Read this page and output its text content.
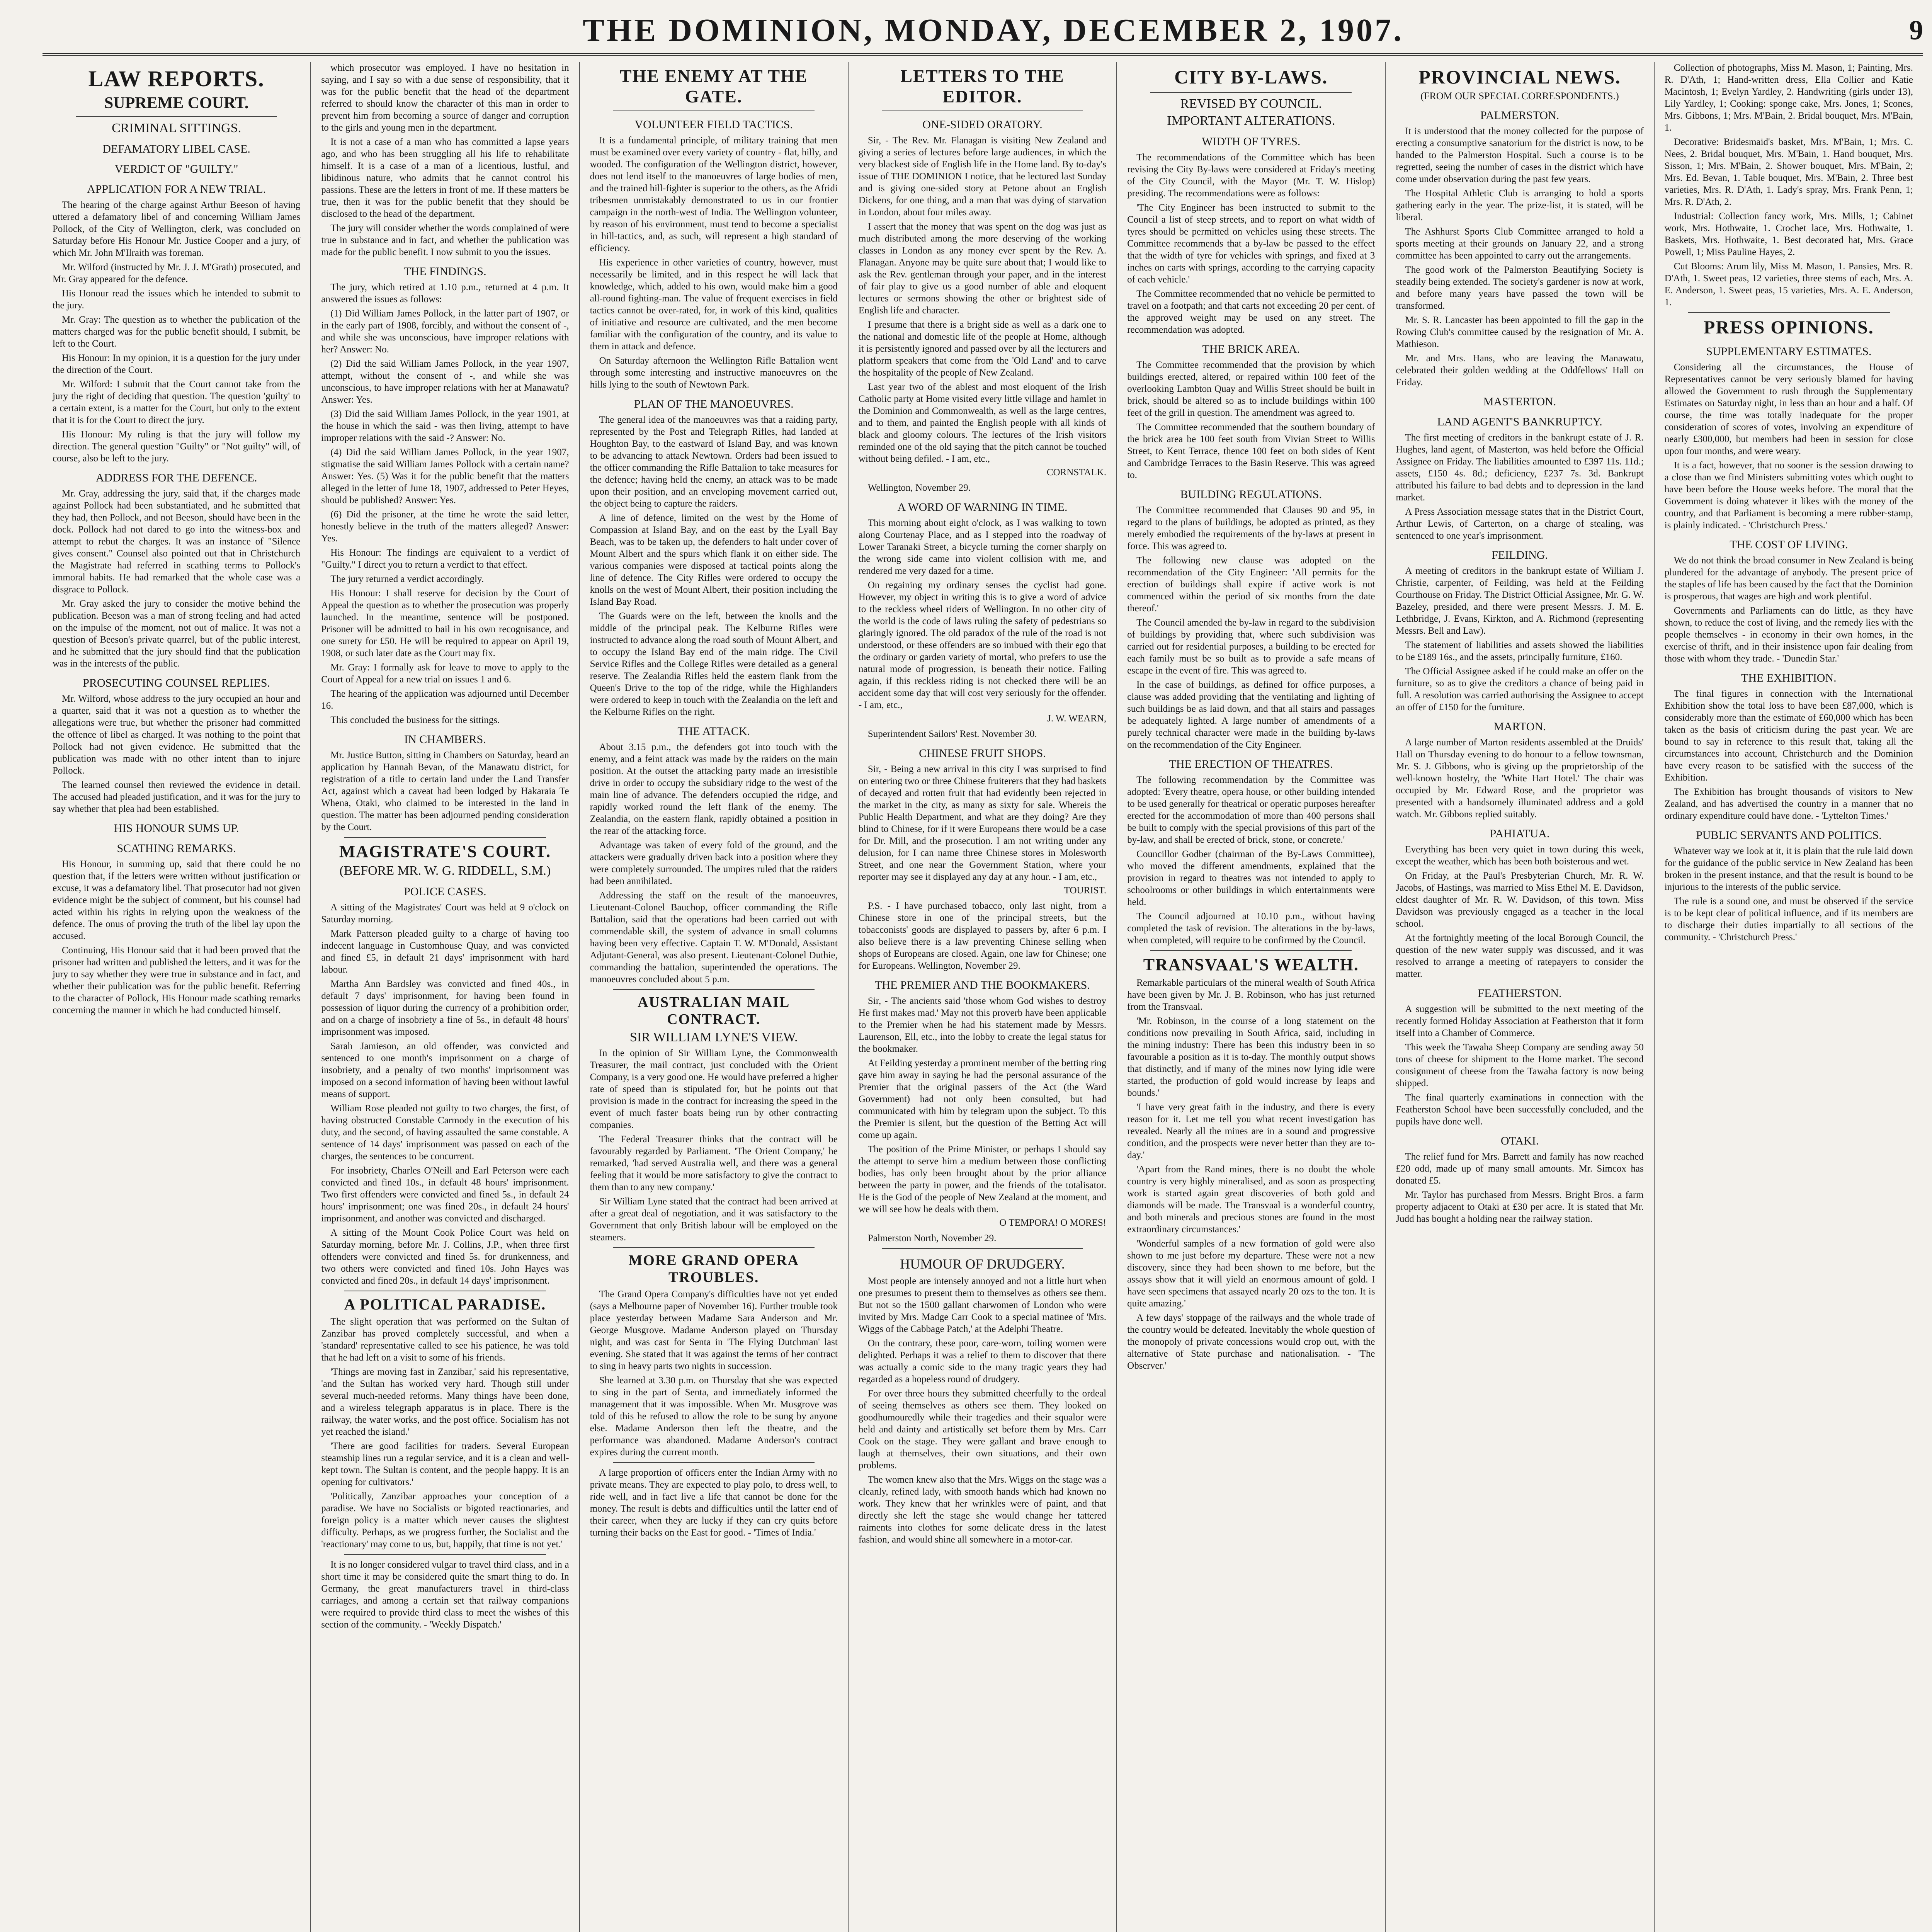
THE DOMINION, MONDAY, DECEMBER 2, 1907.	9
LAW REPORTS.
SUPREME COURT.
CRIMINAL SITTINGS.
DEFAMATORY LIBEL CASE.
VERDICT OF "GUILTY."
APPLICATION FOR A NEW TRIAL.

The hearing of the charge against Arthur Beeson of having uttered a defamatory libel of and concerning William James Pollock, of the City of Wellington, clerk, was concluded on Saturday before His Honour Mr. Justice Cooper and a jury, of which Mr. John M'Ilraith was foreman.

Mr. Wilford (instructed by Mr. J. J. M'Grath) prosecuted, and Mr. Gray appeared for the defence.

His Honour read the issues which he intended to submit to the jury.

Mr. Gray: The question as to whether the publication of the matters charged was for the public benefit should, I submit, be left to the Court.

His Honour: In my opinion, it is a question for the jury under the direction of the Court.

Mr. Wilford: I submit that the Court cannot take from the jury the right of deciding that question. The question 'guilty' to a certain extent, is a matter for the Court, but only to the extent that it is for the Court to direct the jury.

His Honour: My ruling is that the jury will follow my direction. The general question "Guilty" or "Not guilty" will, of course, also be left to the jury.

ADDRESS FOR THE DEFENCE.

Mr. Gray, addressing the jury, said that, if the charges made against Pollock had been substantiated, and he submitted that they had, then Pollock, and not Beeson, should have been in the dock. Pollock had not dared to go into the witness-box and attempt to rebut the charges. It was an instance of "Silence gives consent." Counsel also pointed out that in Christchurch the Magistrate had referred in scathing terms to Pollock's immoral habits. He had remarked that the whole case was a disgrace to Pollock.

Mr. Gray asked the jury to consider the motive behind the publication. Beeson was a man of strong feeling and had acted on the impulse of the moment, not out of malice. It was not a question of Beeson's private quarrel, but of the public interest, and he submitted that the jury should find that the publication was in the interests of the public.

PROSECUTING COUNSEL REPLIES.

Mr. Wilford, whose address to the jury occupied an hour and a quarter, said that it was not a question as to whether the allegations were true, but whether the prisoner had committed the offence of libel as charged. It was nothing to the point that Pollock had not given evidence. He submitted that the publication was made with no other intent than to injure Pollock.

The learned counsel then reviewed the evidence in detail. The accused had pleaded justification, and it was for the jury to say whether that plea had been established.

HIS HONOUR SUMS UP.
SCATHING REMARKS.

His Honour, in summing up, said that there could be no question that, if the letters were written without justification or excuse, it was a defamatory libel. That prosecutor had not given evidence might be the subject of comment, but his counsel had acted within his rights in relying upon the weakness of the defence. The onus of proving the truth of the libel lay upon the accused.

Continuing, His Honour said that it had been proved that the prisoner had written and published the letters, and it was for the jury to say whether they were true in substance and in fact, and whether their publication was for the public benefit. Referring to the character of Pollock, His Honour made scathing remarks concerning the manner in which he had conducted himself.

which prosecutor was employed. I have no hesitation in saying, and I say so with a due sense of responsibility, that it was for the public benefit that the head of the department referred to should know the character of this man in order to prevent him from becoming a source of danger and corruption to the girls and young men in the department.

It is not a case of a man who has committed a lapse years ago, and who has been struggling all his life to rehabilitate himself. It is a case of a man of a licentious, lustful, and libidinous nature, who admits that he cannot control his passions. These are the letters in front of me. If these matters be true, then it was for the public benefit that they should be disclosed to the head of the department.

The jury will consider whether the words complained of were true in substance and in fact, and whether the publication was made for the public benefit. I now submit to you the issues.

THE FINDINGS.

The jury, which retired at 1.10 p.m., returned at 4 p.m. It answered the issues as follows:

(1) Did William James Pollock, in the latter part of 1907, or in the early part of 1908, forcibly, and without the consent of -, and while she was unconscious, have improper relations with her? Answer: No.

(2) Did the said William James Pollock, in the year 1907, attempt, without the consent of -, and while she was unconscious, to have improper relations with her at Manawatu? Answer: Yes.

(3) Did the said William James Pollock, in the year 1901, at the house in which the said - was then living, attempt to have improper relations with the said -? Answer: No.

(4) Did the said William James Pollock, in the year 1907, stigmatise the said William James Pollock with a certain name? Answer: Yes. (5) Was it for the public benefit that the matters alleged in the letter of June 18, 1907, addressed to Peter Heyes, should be published? Answer: Yes.

(6) Did the prisoner, at the time he wrote the said letter, honestly believe in the truth of the matters alleged? Answer: Yes.

His Honour: The findings are equivalent to a verdict of "Guilty." I direct you to return a verdict to that effect.

The jury returned a verdict accordingly.

His Honour: I shall reserve for decision by the Court of Appeal the question as to whether the prosecution was properly launched. In the meantime, sentence will be postponed. Prisoner will be admitted to bail in his own recognisance, and one surety for £50. He will be required to appear on April 19, 1908, or such later date as the Court may fix.

Mr. Gray: I formally ask for leave to move to apply to the Court of Appeal for a new trial on issues 1 and 6.

The hearing of the application was adjourned until December 16.

This concluded the business for the sittings.

IN CHAMBERS.

Mr. Justice Button, sitting in Chambers on Saturday, heard an application by Hannah Bevan, of the Manawatu district, for registration of a title to certain land under the Land Transfer Act, against which a caveat had been lodged by Hakaraia Te Whena, Otaki, who claimed to be interested in the land in question. The matter has been adjourned pending consideration by the Court.

MAGISTRATE'S COURT.
(BEFORE MR. W. G. RIDDELL, S.M.)
POLICE CASES.

A sitting of the Magistrates' Court was held at 9 o'clock on Saturday morning.

Mark Patterson pleaded guilty to a charge of having too indecent language in Customhouse Quay, and was convicted and fined £5, in default 21 days' imprisonment with hard labour.

Martha Ann Bardsley was convicted and fined 40s., in default 7 days' imprisonment, for having been found in possession of liquor during the currency of a prohibition order, and on a charge of insobriety a fine of 5s., in default 48 hours' imprisonment was imposed.

Sarah Jamieson, an old offender, was convicted and sentenced to one month's imprisonment on a charge of insobriety, and a penalty of two months' imprisonment was imposed on a second information of having been without lawful means of support.

William Rose pleaded not guilty to two charges, the first, of having obstructed Constable Carmody in the execution of his duty, and the second, of having assaulted the same constable. A sentence of 14 days' imprisonment was passed on each of the charges, the sentences to be concurrent.

For insobriety, Charles O'Neill and Earl Peterson were each convicted and fined 10s., in default 48 hours' imprisonment. Two first offenders were convicted and fined 5s., in default 24 hours' imprisonment; one was fined 20s., in default 24 hours' imprisonment, and another was convicted and discharged.

A sitting of the Mount Cook Police Court was held on Saturday morning, before Mr. J. Collins, J.P., when three first offenders were convicted and fined 5s. for drunkenness, and two others were convicted and fined 10s. John Hayes was convicted and fined 20s., in default 14 days' imprisonment.

A POLITICAL PARADISE.

The slight operation that was performed on the Sultan of Zanzibar has proved completely successful, and when a 'standard' representative called to see his patience, he was told that he had left on a visit to some of his friends.

'Things are moving fast in Zanzibar,' said his representative, 'and the Sultan has worked very hard. Though still under several much-needed reforms. Many things have been done, and a wireless telegraph apparatus is in place. There is the railway, the water works, and the post office. Socialism has not yet reached the island.'

'There are good facilities for traders. Several European steamship lines run a regular service, and it is a clean and well-kept town. The Sultan is content, and the people happy. It is an opening for cultivators.'

'Politically, Zanzibar approaches your conception of a paradise. We have no Socialists or bigoted reactionaries, and foreign policy is a matter which never causes the slightest difficulty. Perhaps, as we progress further, the Socialist and the 'reactionary' may come to us, but, happily, that time is not yet.'

It is no longer considered vulgar to travel third class, and in a short time it may be considered quite the smart thing to do. In Germany, the great manufacturers travel in third-class carriages, and among a certain set that railway companions were required to provide third class to meet the wishes of this section of the community. - 'Weekly Dispatch.'

THE ENEMY AT THE GATE.
VOLUNTEER FIELD TACTICS.

It is a fundamental principle, of military training that men must be examined over every variety of country - flat, hilly, and wooded. The configuration of the Wellington district, however, does not lend itself to the manoeuvres of large bodies of men, and the trained hill-fighter is superior to the others, as the Afridi tribesmen unmistakably demonstrated to us in our frontier campaign in the north-west of India. The Wellington volunteer, by reason of his environment, must tend to become a specialist in hill-tactics, and, as such, will represent a high standard of efficiency.

His experience in other varieties of country, however, must necessarily be limited, and in this respect he will lack that knowledge, which, added to his own, would make him a good all-round fighting-man. The value of frequent exercises in field tactics cannot be over-rated, for, in work of this kind, qualities of initiative and resource are cultivated, and the men become familiar with the configuration of the country, and its value to them in attack and defence.

On Saturday afternoon the Wellington Rifle Battalion went through some interesting and instructive manoeuvres on the hills lying to the south of Newtown Park.

PLAN OF THE MANOEUVRES.

The general idea of the manoeuvres was that a raiding party, represented by the Post and Telegraph Rifles, had landed at Houghton Bay, to the eastward of Island Bay, and was known to be advancing to attack Newtown. Orders had been issued to the officer commanding the Rifle Battalion to take measures for the defence; having held the enemy, an attack was to be made upon their position, and an enveloping movement carried out, the object being to capture the raiders.

A line of defence, limited on the west by the Home of Compassion at Island Bay, and on the east by the Lyall Bay Beach, was to be taken up, the defenders to halt under cover of Mount Albert and the spurs which flank it on either side. The various companies were disposed at tactical points along the line of defence. The City Rifles were ordered to occupy the knolls on the west of Mount Albert, their position including the Island Bay Road.

The Guards were on the left, between the knolls and the middle of the principal peak. The Kelburne Rifles were instructed to advance along the road south of Mount Albert, and to occupy the Island Bay end of the main ridge. The Civil Service Rifles and the College Rifles were detailed as a general reserve. The Zealandia Rifles held the eastern flank from the Queen's Drive to the top of the ridge, while the Highlanders were ordered to keep in touch with the Zealandia on the left and the Kelburne Rifles on the right.

THE ATTACK.

About 3.15 p.m., the defenders got into touch with the enemy, and a feint attack was made by the raiders on the main position. At the outset the attacking party made an irresistible drive in order to occupy the subsidiary ridge to the west of the main line of advance. The defenders occupied the ridge, and rapidly worked round the left flank of the enemy. The Zealandia, on the eastern flank, rapidly obtained a position in the rear of the attacking force.

Advantage was taken of every fold of the ground, and the attackers were gradually driven back into a position where they were completely surrounded. The umpires ruled that the raiders had been annihilated.

Addressing the staff on the result of the manoeuvres, Lieutenant-Colonel Bauchop, officer commanding the Rifle Battalion, said that the operations had been carried out with commendable skill, the system of advance in small columns having been very effective. Captain T. W. M'Donald, Assistant Adjutant-General, was also present. Lieutenant-Colonel Duthie, commanding the battalion, superintended the operations. The manoeuvres concluded about 5 p.m.

AUSTRALIAN MAIL CONTRACT.
SIR WILLIAM LYNE'S VIEW.

In the opinion of Sir William Lyne, the Commonwealth Treasurer, the mail contract, just concluded with the Orient Company, is a very good one. He would have preferred a higher rate of speed than is stipulated for, but he points out that provision is made in the contract for increasing the speed in the event of much faster boats being run by other contracting companies.

The Federal Treasurer thinks that the contract will be favourably regarded by Parliament. 'The Orient Company,' he remarked, 'had served Australia well, and there was a general feeling that it would be more satisfactory to give the contract to them than to any new company.'

Sir William Lyne stated that the contract had been arrived at after a great deal of negotiation, and it was satisfactory to the Government that only British labour will be employed on the steamers.

MORE GRAND OPERA TROUBLES.

The Grand Opera Company's difficulties have not yet ended (says a Melbourne paper of November 16). Further trouble took place yesterday between Madame Sara Anderson and Mr. George Musgrove. Madame Anderson played on Thursday night, and was cast for Senta in 'The Flying Dutchman' last evening. She stated that it was against the terms of her contract to sing in heavy parts two nights in succession.

She learned at 3.30 p.m. on Thursday that she was expected to sing in the part of Senta, and immediately informed the management that it was impossible. When Mr. Musgrove was told of this he refused to allow the role to be sung by anyone else. Madame Anderson then left the theatre, and the performance was abandoned. Madame Anderson's contract expires during the current month.

A large proportion of officers enter the Indian Army with no private means. They are expected to play polo, to dress well, to ride well, and in fact live a life that cannot be done for the money. The result is debts and difficulties until the latter end of their career, when they are lucky if they can cry quits before turning their backs on the East for good. - 'Times of India.'

LETTERS TO THE EDITOR.
ONE-SIDED ORATORY.

Sir, - The Rev. Mr. Flanagan is visiting New Zealand and giving a series of lectures before large audiences, in which the very blackest side of English life in the Home land. By to-day's issue of THE DOMINION I notice, that he lectured last Sunday and is giving one-sided story at Petone about an English Dickens, for one thing, and a man that was dying of starvation in London, about four miles away.

I assert that the money that was spent on the dog was just as much distributed among the more deserving of the working classes in London as any money ever spent by the Rev. A. Flanagan. Anyone may be quite sure about that; I would like to ask the Rev. gentleman through your paper, and in the interest of fair play to give us a good number of able and eloquent lectures or sermons showing the other or brightest side of English life and character.

I presume that there is a bright side as well as a dark one to the national and domestic life of the people at Home, although it is persistently ignored and passed over by all the lecturers and platform speakers that come from the 'Old Land' and to carve the hospitality of the people of New Zealand.

Last year two of the ablest and most eloquent of the Irish Catholic party at Home visited every little village and hamlet in the Dominion and Commonwealth, as well as the large centres, and to them, and painted the English people with all kinds of black and gloomy colours. The lectures of the Irish visitors reminded one of the old saying that the pitch cannot be touched without being defiled. - I am, etc.,

CORNSTALK.

Wellington, November 29.

A WORD OF WARNING IN TIME.

This morning about eight o'clock, as I was walking to town along Courtenay Place, and as I stepped into the roadway of Lower Taranaki Street, a bicycle turning the corner sharply on the wrong side came into violent collision with me, and rendered me very dazed for a time.

On regaining my ordinary senses the cyclist had gone. However, my object in writing this is to give a word of advice to the reckless wheel riders of Wellington. In no other city of the world is the code of laws ruling the safety of pedestrians so glaringly ignored. The old paradox of the rule of the road is not understood, or these offenders are so imbued with their ego that the ordinary or garden variety of mortal, who prefers to use the natural mode of progression, is beneath their notice. Failing again, if this reckless riding is not checked there will be an accident some day that will cost very seriously for the offender. - I am, etc.,

J. W. WEARN,

Superintendent Sailors' Rest. November 30.

CHINESE FRUIT SHOPS.

Sir, - Being a new arrival in this city I was surprised to find on entering two or three Chinese fruiterers that they had baskets of decayed and rotten fruit that had evidently been rejected in the market in the city, as many as sixty for sale. Whereis the Public Health Department, and what are they doing? Are they blind to Chinese, for if it were Europeans there would be a case for Dr. Mill, and the prosecution. I am not writing under any delusion, for I can name three Chinese stores in Molesworth Street, and one near the Government Station, where your reporter may see it displayed any day at any hour. - I am, etc.,

TOURIST.

P.S. - I have purchased tobacco, only last night, from a Chinese store in one of the principal streets, but the tobacconists' goods are displayed to passers by, after 6 p.m. I also believe there is a law preventing Chinese selling when shops of Europeans are closed. Again, one law for Chinese; one for Europeans. Wellington, November 29.

THE PREMIER AND THE BOOKMAKERS.

Sir, - The ancients said 'those whom God wishes to destroy He first makes mad.' May not this proverb have been applicable to the Premier when he had his statement made by Messrs. Laurenson, Ell, etc., into the lobby to create the legal status for the bookmaker.

At Feilding yesterday a prominent member of the betting ring gave him away in saying he had the personal assurance of the Premier that the original passers of the Act (the Ward Government) had not only been consulted, but had communicated with him by telegram upon the subject. To this the Premier is silent, but the question of the Betting Act will come up again.

The position of the Prime Minister, or perhaps I should say the attempt to serve him a medium between those conflicting bodies, has only been brought about by the prior alliance between the party in power, and the friends of the totalisator. He is the God of the people of New Zealand at the moment, and we will see how he deals with them.

O TEMPORA! O MORES!

Palmerston North, November 29.

HUMOUR OF DRUDGERY.

Most people are intensely annoyed and not a little hurt when one presumes to present them to themselves as others see them. But not so the 1500 gallant charwomen of London who were invited by Mrs. Madge Carr Cook to a special matinee of 'Mrs. Wiggs of the Cabbage Patch,' at the Adelphi Theatre.

On the contrary, these poor, care-worn, toiling women were delighted. Perhaps it was a relief to them to discover that there was actually a comic side to the many tragic years they had regarded as a hopeless round of drudgery.

For over three hours they submitted cheerfully to the ordeal of seeing themselves as others see them. They looked on goodhumouredly while their tragedies and their squalor were held and dainty and artistically set before them by Mrs. Carr Cook on the stage. They were gallant and brave enough to laugh at themselves, their own situations, and their own problems.

The women knew also that the Mrs. Wiggs on the stage was a cleanly, refined lady, with smooth hands which had known no work. They knew that her wrinkles were of paint, and that directly she left the stage she would change her tattered raiments into clothes for some delicate dress in the latest fashion, and would shine all somewhere in a motor-car.

CITY BY-LAWS.
REVISED BY COUNCIL.
IMPORTANT ALTERATIONS.
WIDTH OF TYRES.

The recommendations of the Committee which has been revising the City By-laws were considered at Friday's meeting of the City Council, with the Mayor (Mr. T. W. Hislop) presiding. The recommendations were as follows:

'The City Engineer has been instructed to submit to the Council a list of steep streets, and to report on what width of tyres should be permitted on vehicles using these streets. The Committee recommends that a by-law be passed to the effect that the width of tyre for vehicles with springs, and fixed at 3 inches on carts with springs, according to the carrying capacity of each vehicle.'

The Committee recommended that no vehicle be permitted to travel on a footpath; and that carts not exceeding 20 per cent. of the approved weight may be used on any street. The recommendation was adopted.

THE BRICK AREA.

The Committee recommended that the provision by which buildings erected, altered, or repaired within 100 feet of the overlooking Lambton Quay and Willis Street should be built in brick, should be altered so as to include buildings within 100 feet of the grill in question. The amendment was agreed to.

The Committee recommended that the southern boundary of the brick area be 100 feet south from Vivian Street to Willis Street, to Kent Terrace, thence 100 feet on both sides of Kent and Cambridge Terraces to the Basin Reserve. This was agreed to.

BUILDING REGULATIONS.

The Committee recommended that Clauses 90 and 95, in regard to the plans of buildings, be adopted as printed, as they merely embodied the requirements of the by-laws at present in force. This was agreed to.

The following new clause was adopted on the recommendation of the City Engineer: 'All permits for the erection of buildings shall expire if active work is not commenced within the period of six months from the date thereof.'

The Council amended the by-law in regard to the subdivision of buildings by providing that, where such subdivision was carried out for residential purposes, a building to be erected for each family must be so built as to provide a safe means of escape in the event of fire. This was agreed to.

In the case of buildings, as defined for office purposes, a clause was added providing that the ventilating and lighting of such buildings be as laid down, and that all stairs and passages be adequately lighted. A large number of amendments of a purely technical character were made in the building by-laws on the recommendation of the City Engineer.

THE ERECTION OF THEATRES.

The following recommendation by the Committee was adopted: 'Every theatre, opera house, or other building intended to be used generally for theatrical or operatic purposes hereafter erected for the accommodation of more than 400 persons shall be built to comply with the special provisions of this part of the by-law, and shall be erected of brick, stone, or concrete.'

Councillor Godber (chairman of the By-Laws Committee), who moved the different amendments, explained that the provision in regard to theatres was not intended to apply to schoolrooms or other buildings in which entertainments were held.

The Council adjourned at 10.10 p.m., without having completed the task of revision. The alterations in the by-laws, when completed, will require to be confirmed by the Council.

TRANSVAAL'S WEALTH.

Remarkable particulars of the mineral wealth of South Africa have been given by Mr. J. B. Robinson, who has just returned from the Transvaal.

'Mr. Robinson, in the course of a long statement on the conditions now prevailing in South Africa, said, including in the mining industry: There has been this industry been in so favourable a position as it is to-day. The monthly output shows that distinctly, and if many of the mines now lying idle were started, the production of gold would increase by leaps and bounds.'

'I have very great faith in the industry, and there is every reason for it. Let me tell you what recent investigation has revealed. Nearly all the mines are in a sound and progressive condition, and the prospects were never better than they are to-day.'

'Apart from the Rand mines, there is no doubt the whole country is very highly mineralised, and as soon as prospecting work is started again great discoveries of both gold and diamonds will be made. The Transvaal is a wonderful country, and both minerals and precious stones are found in the most extraordinary circumstances.'

'Wonderful samples of a new formation of gold were also shown to me just before my departure. These were not a new discovery, since they had been shown to me before, but the assays show that it will yield an enormous amount of gold. I have seen specimens that assayed nearly 20 ozs to the ton. It is quite amazing.'

A few days' stoppage of the railways and the whole trade of the country would be defeated. Inevitably the whole question of the monopoly of private concessions would crop out, with the alternative of State purchase and nationalisation. - 'The Observer.'

PROVINCIAL NEWS.
(FROM OUR SPECIAL CORRESPONDENTS.)
PALMERSTON.

It is understood that the money collected for the purpose of erecting a consumptive sanatorium for the district is now, to be handed to the Palmerston Hospital. Such a course is to be regretted, seeing the number of cases in the district which have come under observation during the past few years.

The Hospital Athletic Club is arranging to hold a sports gathering early in the year. The prize-list, it is stated, will be liberal.

The Ashhurst Sports Club Committee arranged to hold a sports meeting at their grounds on January 22, and a strong committee has been appointed to carry out the arrangements.

The good work of the Palmerston Beautifying Society is steadily being extended. The society's gardener is now at work, and before many years have passed the town will be transformed.

Mr. S. R. Lancaster has been appointed to fill the gap in the Rowing Club's committee caused by the resignation of Mr. A. Mathieson.

Mr. and Mrs. Hans, who are leaving the Manawatu, celebrated their golden wedding at the Oddfellows' Hall on Friday.

MASTERTON.
LAND AGENT'S BANKRUPTCY.

The first meeting of creditors in the bankrupt estate of J. R. Hughes, land agent, of Masterton, was held before the Official Assignee on Friday. The liabilities amounted to £397 11s. 11d.; assets, £150 4s. 8d.; deficiency, £237 7s. 3d. Bankrupt attributed his failure to bad debts and to depression in the land market.

A Press Association message states that in the District Court, Arthur Lewis, of Carterton, on a charge of stealing, was sentenced to one year's imprisonment.

FEILDING.

A meeting of creditors in the bankrupt estate of William J. Christie, carpenter, of Feilding, was held at the Feilding Courthouse on Friday. The District Official Assignee, Mr. G. W. Bazeley, presided, and there were present Messrs. J. M. E. Lethbridge, J. Evans, Kirkton, and A. Richmond (representing Messrs. Bell and Law).

The statement of liabilities and assets showed the liabilities to be £189 16s., and the assets, principally furniture, £160.

The Official Assignee asked if he could make an offer on the furniture, so as to give the creditors a chance of being paid in full. A resolution was carried authorising the Assignee to accept an offer of £150 for the furniture.

MARTON.

A large number of Marton residents assembled at the Druids' Hall on Thursday evening to do honour to a fellow townsman, Mr. S. J. Gibbons, who is giving up the proprietorship of the well-known hostelry, the 'White Hart Hotel.' The chair was occupied by Mr. Edward Rose, and the proprietor was presented with a handsomely illuminated address and a gold watch. Mr. Gibbons replied suitably.

PAHIATUA.

Everything has been very quiet in town during this week, except the weather, which has been both boisterous and wet.

On Friday, at the Paul's Presbyterian Church, Mr. R. W. Jacobs, of Hastings, was married to Miss Ethel M. E. Davidson, eldest daughter of Mr. R. W. Davidson, of this town. Miss Davidson was previously engaged as a teacher in the local school.

At the fortnightly meeting of the local Borough Council, the question of the new water supply was discussed, and it was resolved to arrange a meeting of ratepayers to consider the matter.

FEATHERSTON.

A suggestion will be submitted to the next meeting of the recently formed Holiday Association at Featherston that it form itself into a Chamber of Commerce.

This week the Tawaha Sheep Company are sending away 50 tons of cheese for shipment to the Home market. The second consignment of cheese from the Tawaha factory is now being shipped.

The final quarterly examinations in connection with the Featherston School have been successfully concluded, and the pupils have done well.

OTAKI.

The relief fund for Mrs. Barrett and family has now reached £20 odd, made up of many small amounts. Mr. Simcox has donated £5.

Mr. Taylor has purchased from Messrs. Bright Bros. a farm property adjacent to Otaki at £30 per acre. It is stated that Mr. Judd has bought a holding near the railway station.

Collection of photographs, Miss M. Mason, 1; Painting, Mrs. R. D'Ath, 1; Hand-written dress, Ella Collier and Katie Macintosh, 1; Evelyn Yardley, 2. Handwriting (girls under 13), Lily Yardley, 1; Cooking: sponge cake, Mrs. Jones, 1; Scones, Mrs. Gibbons, 1; Mrs. M'Bain, 2. Bridal bouquet, Mrs. M'Bain, 1.

Decorative: Bridesmaid's basket, Mrs. M'Bain, 1; Mrs. C. Nees, 2. Bridal bouquet, Mrs. M'Bain, 1. Hand bouquet, Mrs. Sisson, 1; Mrs. M'Bain, 2. Shower bouquet, Mrs. M'Bain, 2; Mrs. Ed. Bevan, 1. Table bouquet, Mrs. M'Bain, 2. Three best varieties, Mrs. R. D'Ath, 1. Lady's spray, Mrs. Frank Penn, 1; Mrs. R. D'Ath, 2.

Industrial: Collection fancy work, Mrs. Mills, 1; Cabinet work, Mrs. Hothwaite, 1. Crochet lace, Mrs. Hothwaite, 1. Baskets, Mrs. Hothwaite, 1. Best decorated hat, Mrs. Grace Powell, 1; Miss Pauline Hayes, 2.

Cut Blooms: Arum lily, Miss M. Mason, 1. Pansies, Mrs. R. D'Ath, 1. Sweet peas, 12 varieties, three stems of each, Mrs. A. E. Anderson, 1. Sweet peas, 15 varieties, Mrs. A. E. Anderson, 1.

PRESS OPINIONS.
SUPPLEMENTARY ESTIMATES.

Considering all the circumstances, the House of Representatives cannot be very seriously blamed for having allowed the Government to rush through the Supplementary Estimates on Saturday night, in less than an hour and a half. Of course, the time was totally inadequate for the proper consideration of scores of votes, involving an expenditure of nearly £300,000, but members had been in session for close upon four months, and were weary.

It is a fact, however, that no sooner is the session drawing to a close than we find Ministers submitting votes which ought to have been before the House weeks before. The moral that the Government is doing whatever it likes with the money of the country, and that Parliament is becoming a mere rubber-stamp, is plainly indicated. - 'Christchurch Press.'

THE COST OF LIVING.

We do not think the broad consumer in New Zealand is being plundered for the advantage of anybody. The present price of the staples of life has been caused by the fact that the Dominion is prosperous, that wages are high and work plentiful.

Governments and Parliaments can do little, as they have shown, to reduce the cost of living, and the remedy lies with the people themselves - in economy in their own homes, in the exercise of thrift, and in their insistence upon fair dealing from those with whom they trade. - 'Dunedin Star.'

THE EXHIBITION.

The final figures in connection with the International Exhibition show the total loss to have been £87,000, which is considerably more than the estimate of £60,000 which has been taken as the basis of criticism during the past year. We are bound to say in reference to this result that, taking all the circumstances into account, Christchurch and the Dominion have every reason to be satisfied with the success of the Exhibition.

The Exhibition has brought thousands of visitors to New Zealand, and has advertised the country in a manner that no ordinary expenditure could have done. - 'Lyttelton Times.'

PUBLIC SERVANTS AND POLITICS.

Whatever way we look at it, it is plain that the rule laid down for the guidance of the public service in New Zealand has been broken in the present instance, and that the result is bound to be injurious to the interests of the public service.

The rule is a sound one, and must be observed if the service is to be kept clear of political influence, and if its members are to discharge their duties impartially to all sections of the community. - 'Christchurch Press.'
